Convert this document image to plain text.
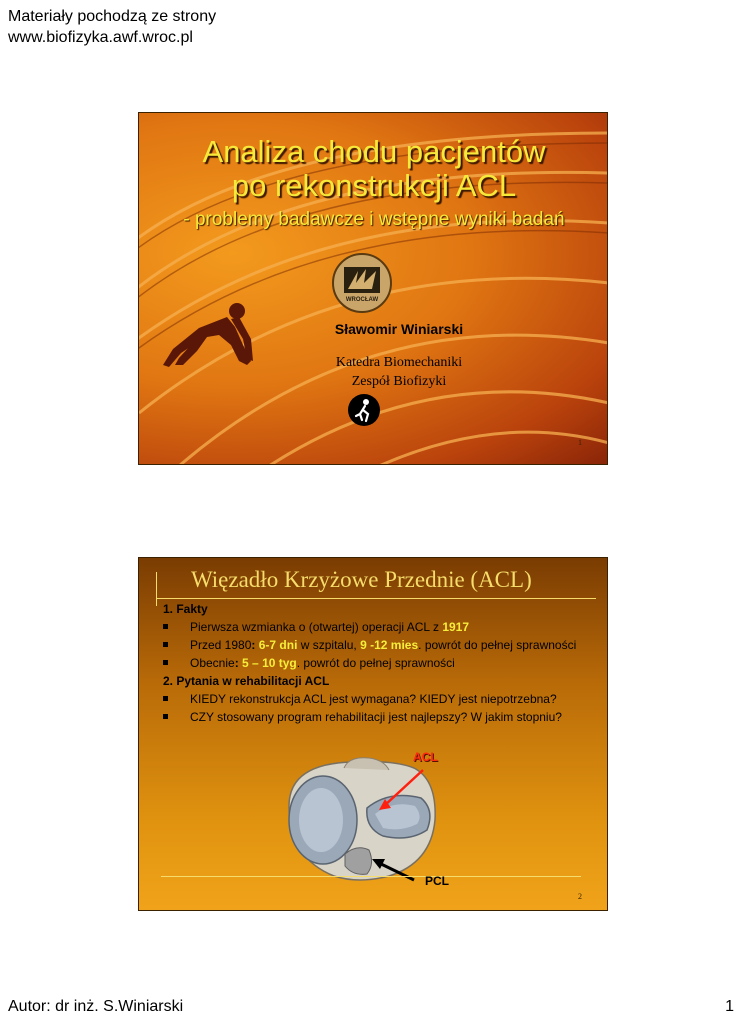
Materiały pochodzą ze strony
www.biofizyka.awf.wroc.pl
Analiza chodu pacjentów
po rekonstrukcji ACL
- problemy badawcze i wstępne wyniki badań
WROCŁAW
Sławomir Winiarski
Katedra Biomechaniki
Zespół Biofizyki
1
Więzadło Krzyżowe Przednie (ACL)
1. Fakty
Pierwsza wzmianka o (otwartej) operacji ACL z 1917
Przed 1980: 6-7 dni w szpitalu, 9 -12 mies. powrót do pełnej sprawności
Obecnie: 5 – 10 tyg. powrót do pełnej sprawności
2. Pytania w rehabilitacji ACL
KIEDY rekonstrukcja ACL jest wymagana? KIEDY jest niepotrzebna?
CZY stosowany program rehabilitacji jest najlepszy? W jakim stopniu?
ACL
PCL
2
Autor: dr inż. S.Winiarski	1
